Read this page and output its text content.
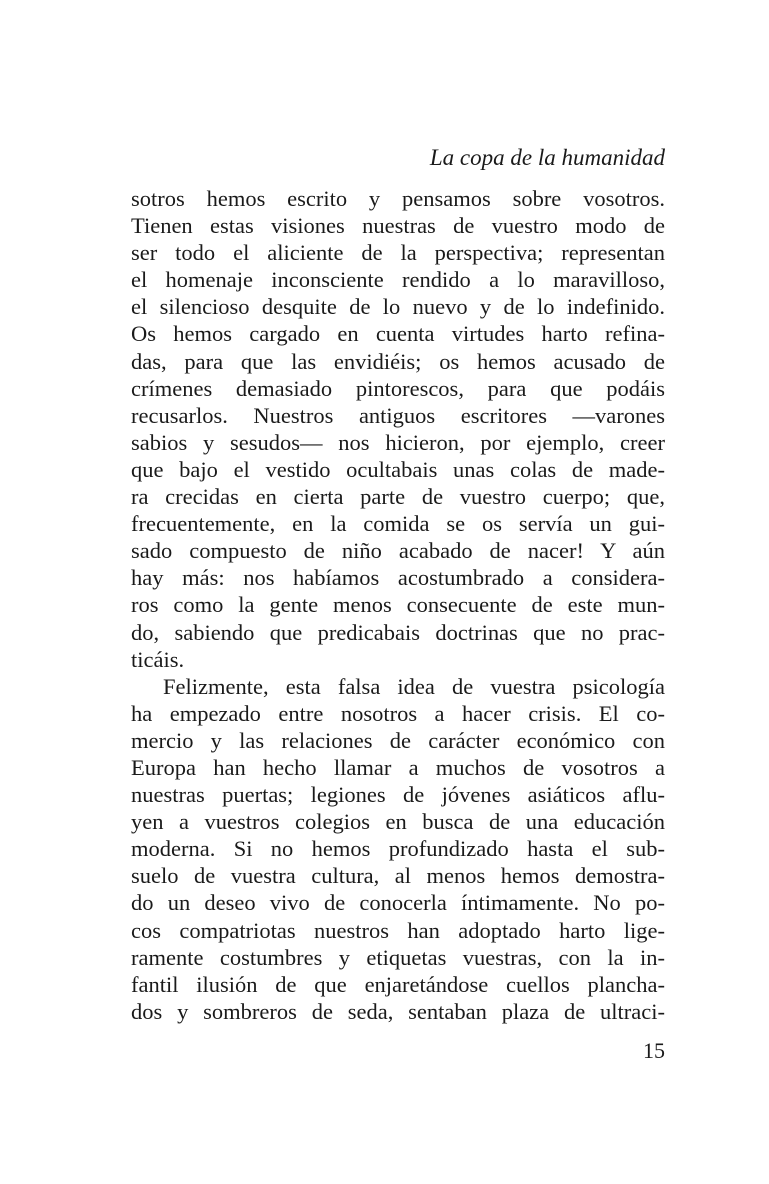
La copa de la humanidad
sotros hemos escrito y pensamos sobre vosotros.
Tienen estas visiones nuestras de vuestro modo de
ser todo el aliciente de la perspectiva; representan
el homenaje inconsciente rendido a lo maravilloso,
el silencioso desquite de lo nuevo y de lo indefinido.
Os hemos cargado en cuenta virtudes harto refina-
das, para que las envidiéis; os hemos acusado de
crímenes demasiado pintorescos, para que podáis
recusarlos. Nuestros antiguos escritores —varones
sabios y sesudos— nos hicieron, por ejemplo, creer
que bajo el vestido ocultabais unas colas de made-
ra crecidas en cierta parte de vuestro cuerpo; que,
frecuentemente, en la comida se os servía un gui-
sado compuesto de niño acabado de nacer! Y aún
hay más: nos habíamos acostumbrado a considera-
ros como la gente menos consecuente de este mun-
do, sabiendo que predicabais doctrinas que no prac-
ticáis.
Felizmente, esta falsa idea de vuestra psicología
ha empezado entre nosotros a hacer crisis. El co-
mercio y las relaciones de carácter económico con
Europa han hecho llamar a muchos de vosotros a
nuestras puertas; legiones de jóvenes asiáticos aflu-
yen a vuestros colegios en busca de una educación
moderna. Si no hemos profundizado hasta el sub-
suelo de vuestra cultura, al menos hemos demostra-
do un deseo vivo de conocerla íntimamente. No po-
cos compatriotas nuestros han adoptado harto lige-
ramente costumbres y etiquetas vuestras, con la in-
fantil ilusión de que enjaretándose cuellos plancha-
dos y sombreros de seda, sentaban plaza de ultraci-
15
